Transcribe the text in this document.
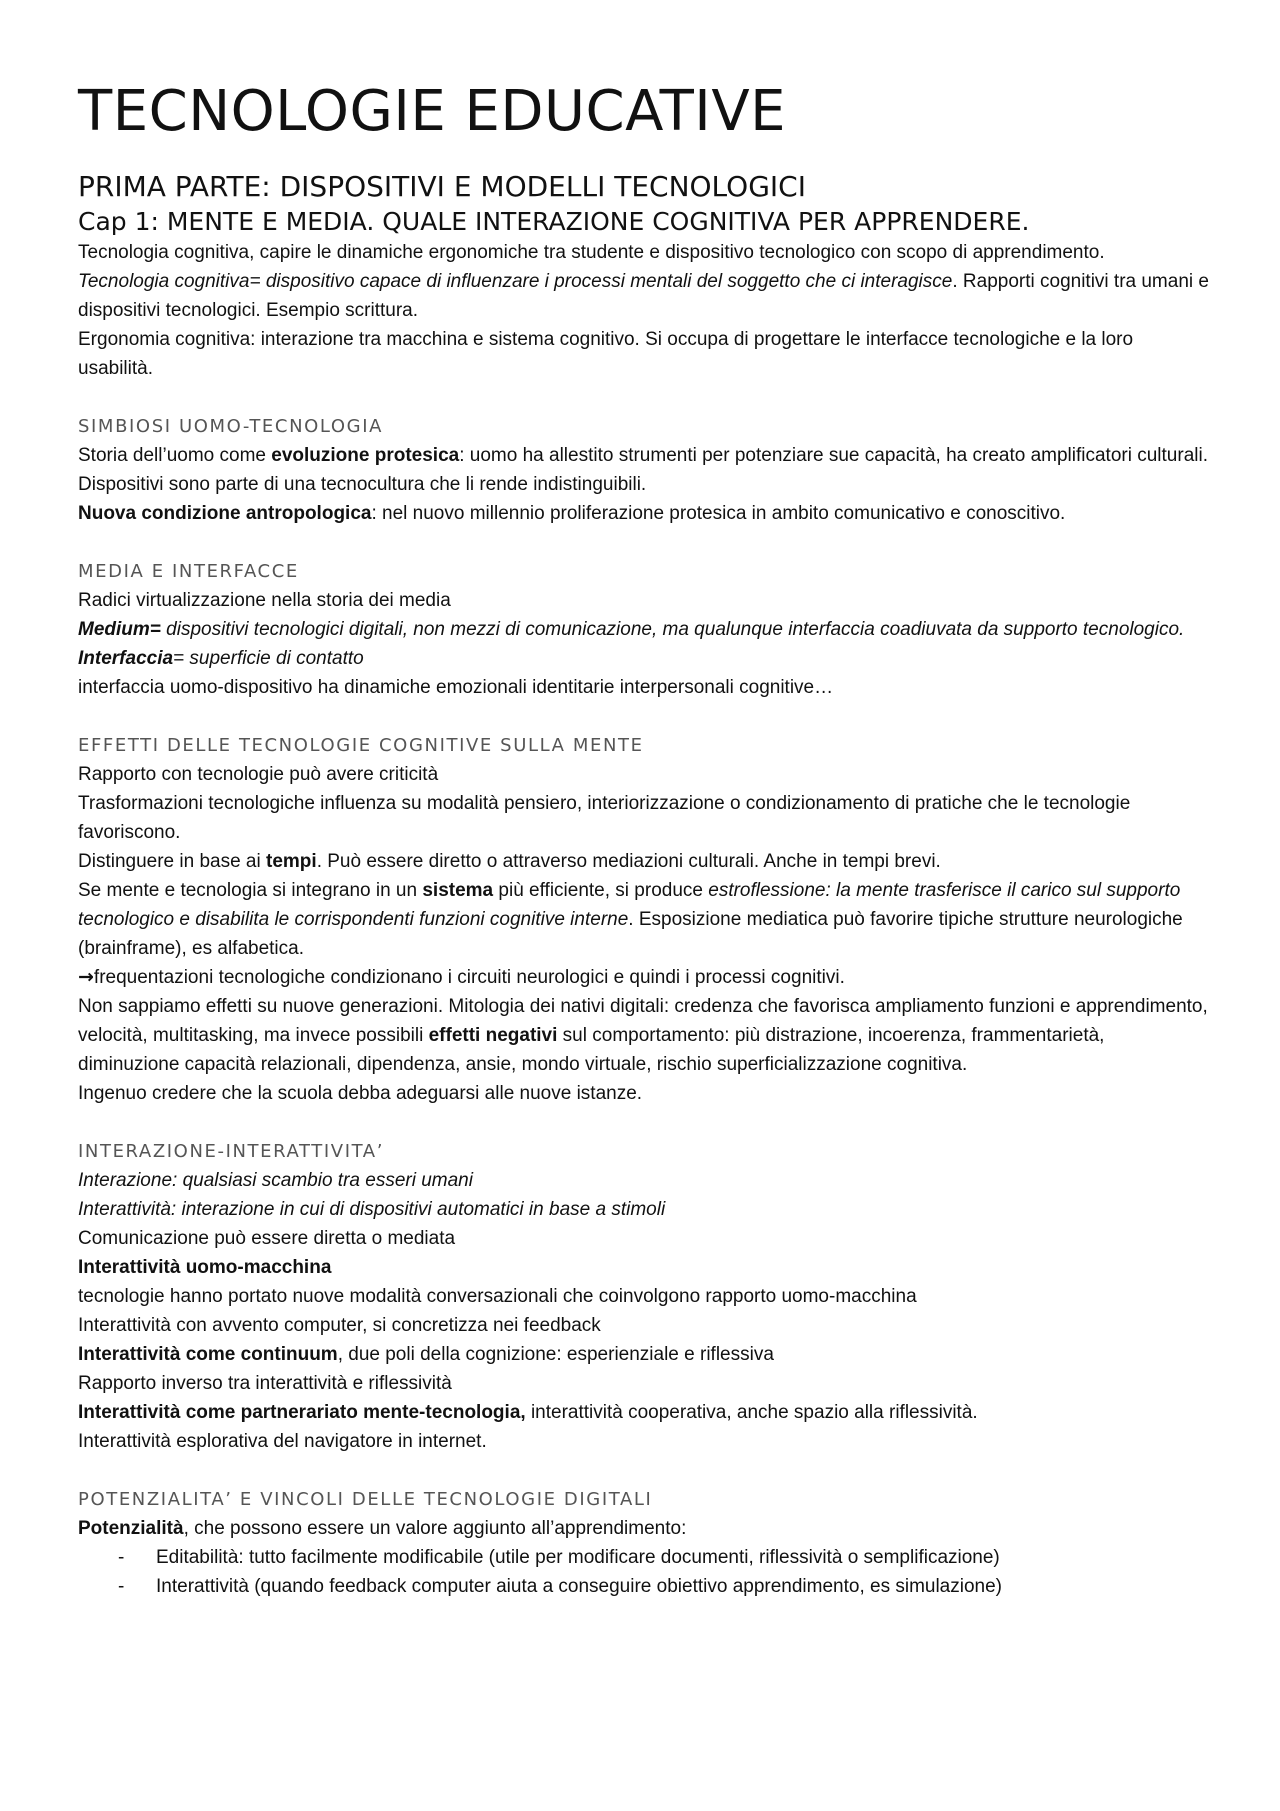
TECNOLOGIE EDUCATIVE
PRIMA PARTE: DISPOSITIVI E MODELLI TECNOLOGICI
Cap 1: MENTE E MEDIA. QUALE INTERAZIONE COGNITIVA PER APPRENDERE.

Tecnologia cognitiva, capire le dinamiche ergonomiche tra studente e dispositivo tecnologico con scopo di apprendimento.

Tecnologia cognitiva= dispositivo capace di influenzare i processi mentali del soggetto che ci interagisce. Rapporti cognitivi tra umani e dispositivi tecnologici. Esempio scrittura.

Ergonomia cognitiva: interazione tra macchina e sistema cognitivo. Si occupa di progettare le interfacce tecnologiche e la loro usabilità.

SIMBIOSI UOMO-TECNOLOGIA

Storia dell’uomo come evoluzione protesica: uomo ha allestito strumenti per potenziare sue capacità, ha creato amplificatori culturali.

Dispositivi sono parte di una tecnocultura che li rende indistinguibili.

Nuova condizione antropologica: nel nuovo millennio proliferazione protesica in ambito comunicativo e conoscitivo.

MEDIA E INTERFACCE

Radici virtualizzazione nella storia dei media

Medium= dispositivi tecnologici digitali, non mezzi di comunicazione, ma qualunque interfaccia coadiuvata da supporto tecnologico.

Interfaccia= superficie di contatto

interfaccia uomo-dispositivo ha dinamiche emozionali identitarie interpersonali cognitive…

EFFETTI DELLE TECNOLOGIE COGNITIVE SULLA MENTE

Rapporto con tecnologie può avere criticità

Trasformazioni tecnologiche influenza su modalità pensiero, interiorizzazione o condizionamento di pratiche che le tecnologie favoriscono.

Distinguere in base ai tempi. Può essere diretto o attraverso mediazioni culturali. Anche in tempi brevi.

Se mente e tecnologia si integrano in un sistema più efficiente, si produce estroflessione: la mente trasferisce il carico sul supporto tecnologico e disabilita le corrispondenti funzioni cognitive interne. Esposizione mediatica può favorire tipiche strutture neurologiche (brainframe), es alfabetica.

→frequentazioni tecnologiche condizionano i circuiti neurologici e quindi i processi cognitivi.

Non sappiamo effetti su nuove generazioni. Mitologia dei nativi digitali: credenza che favorisca ampliamento funzioni e apprendimento, velocità, multitasking, ma invece possibili effetti negativi sul comportamento: più distrazione, incoerenza, frammentarietà, diminuzione capacità relazionali, dipendenza, ansie, mondo virtuale, rischio superficializzazione cognitiva.

Ingenuo credere che la scuola debba adeguarsi alle nuove istanze.

INTERAZIONE-INTERATTIVITA’

Interazione: qualsiasi scambio tra esseri umani

Interattività: interazione in cui di dispositivi automatici in base a stimoli

Comunicazione può essere diretta o mediata

Interattività uomo-macchina

tecnologie hanno portato nuove modalità conversazionali che coinvolgono rapporto uomo-macchina

Interattività con avvento computer, si concretizza nei feedback

Interattività come continuum, due poli della cognizione: esperienziale e riflessiva

Rapporto inverso tra interattività e riflessività

Interattività come partnerariato mente-tecnologia, interattività cooperativa, anche spazio alla riflessività.

Interattività esplorativa del navigatore in internet.

POTENZIALITA’ E VINCOLI DELLE TECNOLOGIE DIGITALI

Potenzialità, che possono essere un valore aggiunto all’apprendimento:

- Editabilità: tutto facilmente modificabile (utile per modificare documenti, riflessività o semplificazione)
- Interattività (quando feedback computer aiuta a conseguire obiettivo apprendimento, es simulazione)
